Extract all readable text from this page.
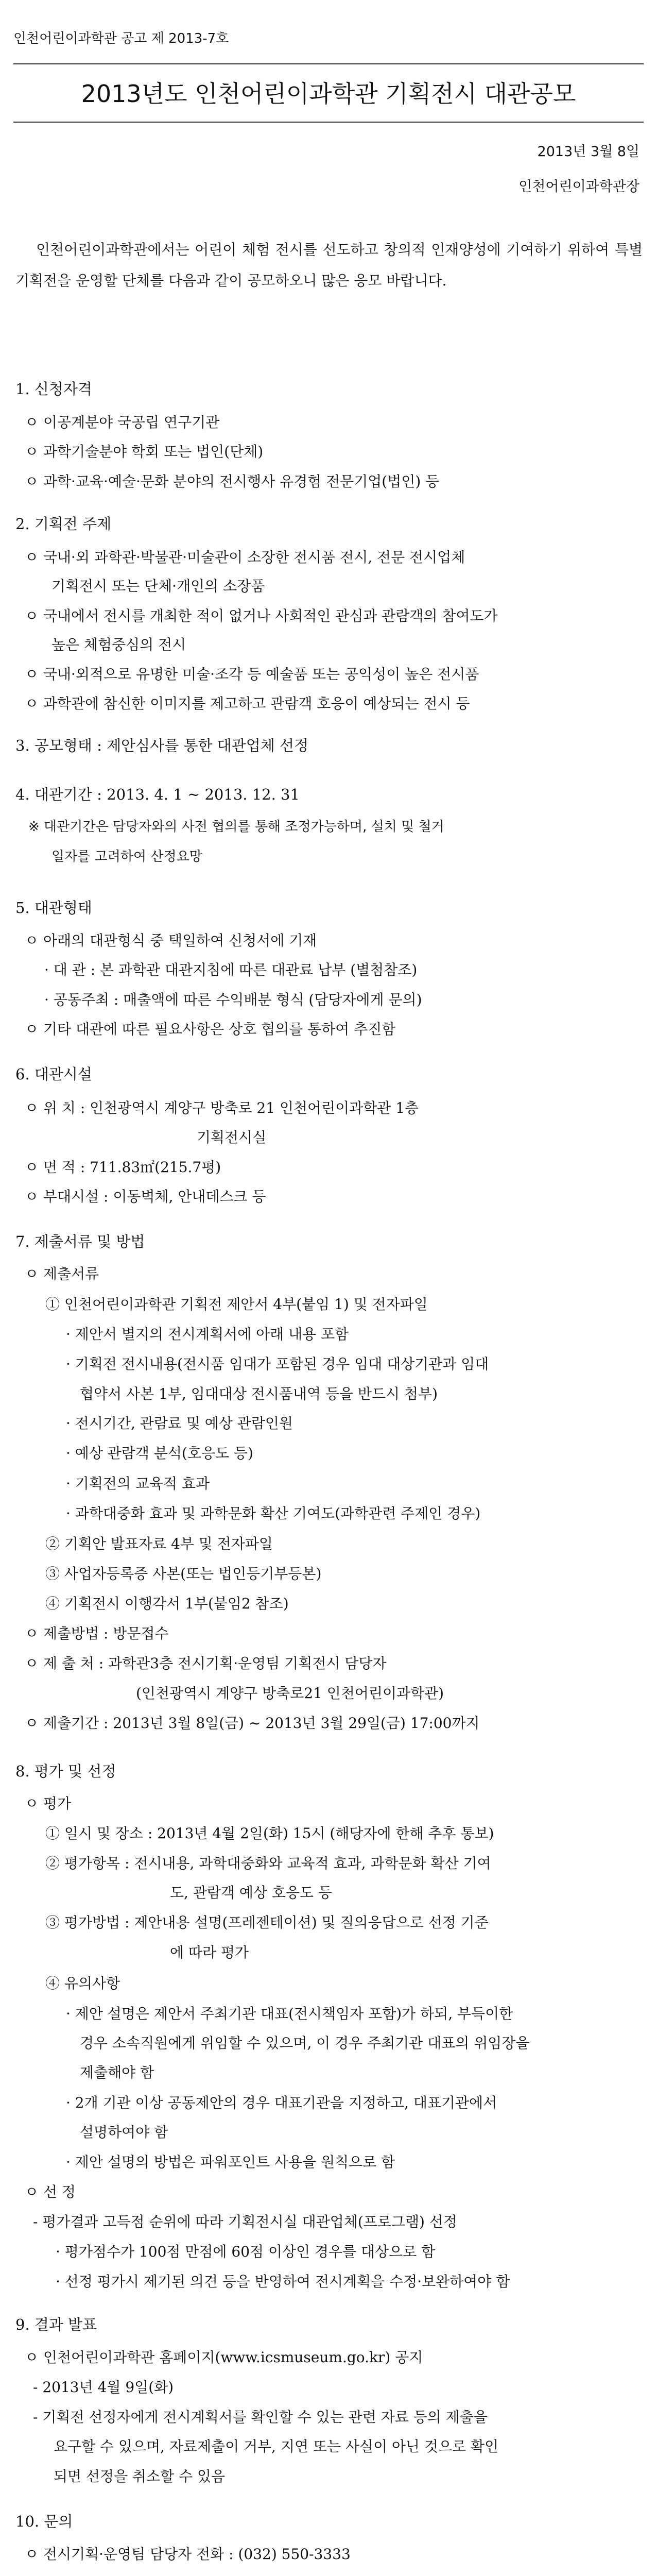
인천어린이과학관 공고 제 2013-7호
2013년도 인천어린이과학관 기획전시 대관공모
2013년 3월 8일
인천어린이과학관장
인천어린이과학관에서는 어린이 체험 전시를 선도하고 창의적 인재양성에 기여하기 위하여 특별기획전을 운영할 단체를 다음과 같이 공모하오니 많은 응모 바랍니다.
1. 신청자격
ㅇ 이공계분야 국공립 연구기관
ㅇ 과학기술분야 학회 또는 법인(단체)
ㅇ 과학·교육·예술·문화 분야의 전시행사 유경험 전문기업(법인) 등
2. 기획전 주제
ㅇ 국내·외 과학관·박물관·미술관이 소장한 전시품 전시, 전문 전시업체
기획전시 또는 단체·개인의 소장품
ㅇ 국내에서 전시를 개최한 적이 없거나 사회적인 관심과 관람객의 참여도가
높은 체험중심의 전시
ㅇ 국내·외적으로 유명한 미술·조각 등 예술품 또는 공익성이 높은 전시품
ㅇ 과학관에 참신한 이미지를 제고하고 관람객 호응이 예상되는 전시 등
3. 공모형태 : 제안심사를 통한 대관업체 선정
4. 대관기간 : 2013. 4. 1 ~ 2013. 12. 31
※ 대관기간은 담당자와의 사전 협의를 통해 조정가능하며, 설치 및 철거
일자를 고려하여 산정요망
5. 대관형태
ㅇ 아래의 대관형식 중 택일하여 신청서에 기재
· 대 관 : 본 과학관 대관지침에 따른 대관료 납부 (별첨참조)
· 공동주최 : 매출액에 따른 수익배분 형식 (담당자에게 문의)
ㅇ 기타 대관에 따른 필요사항은 상호 협의를 통하여 추진함
6. 대관시설
ㅇ 위 치 : 인천광역시 계양구 방축로 21 인천어린이과학관 1층
기획전시실
ㅇ 면 적 : 711.83㎡(215.7평)
ㅇ 부대시설 : 이동벽체, 안내데스크 등
7. 제출서류 및 방법
ㅇ 제출서류
① 인천어린이과학관 기획전 제안서 4부(붙임 1) 및 전자파일
· 제안서 별지의 전시계획서에 아래 내용 포함
· 기획전 전시내용(전시품 임대가 포함된 경우 임대 대상기관과 임대
협약서 사본 1부, 임대대상 전시품내역 등을 반드시 첨부)
· 전시기간, 관람료 및 예상 관람인원
· 예상 관람객 분석(호응도 등)
· 기획전의 교육적 효과
· 과학대중화 효과 및 과학문화 확산 기여도(과학관련 주제인 경우)
② 기획안 발표자료 4부 및 전자파일
③ 사업자등록증 사본(또는 법인등기부등본)
④ 기획전시 이행각서 1부(붙임2 참조)
ㅇ 제출방법 : 방문접수
ㅇ 제 출 처 : 과학관3층 전시기획·운영팀 기획전시 담당자
(인천광역시 계양구 방축로21 인천어린이과학관)
ㅇ 제출기간 : 2013년 3월 8일(금) ~ 2013년 3월 29일(금) 17:00까지
8. 평가 및 선정
ㅇ 평가
① 일시 및 장소 : 2013년 4월 2일(화) 15시 (해당자에 한해 추후 통보)
② 평가항목 : 전시내용, 과학대중화와 교육적 효과, 과학문화 확산 기여
도, 관람객 예상 호응도 등
③ 평가방법 : 제안내용 설명(프레젠테이션) 및 질의응답으로 선정 기준
에 따라 평가
④ 유의사항
· 제안 설명은 제안서 주최기관 대표(전시책임자 포함)가 하되, 부득이한
경우 소속직원에게 위임할 수 있으며, 이 경우 주최기관 대표의 위임장을
제출해야 함
· 2개 기관 이상 공동제안의 경우 대표기관을 지정하고, 대표기관에서
설명하여야 함
· 제안 설명의 방법은 파워포인트 사용을 원칙으로 함
ㅇ 선 정
- 평가결과 고득점 순위에 따라 기획전시실 대관업체(프로그램) 선정
· 평가점수가 100점 만점에 60점 이상인 경우를 대상으로 함
· 선정 평가시 제기된 의견 등을 반영하여 전시계획을 수정·보완하여야 함
9. 결과 발표
ㅇ 인천어린이과학관 홈페이지(www.icsmuseum.go.kr) 공지
- 2013년 4월 9일(화)
- 기획전 선정자에게 전시계획서를 확인할 수 있는 관련 자료 등의 제출을
요구할 수 있으며, 자료제출이 거부, 지연 또는 사실이 아닌 것으로 확인
되면 선정을 취소할 수 있음
10. 문의
ㅇ 전시기획·운영팀 담당자 전화 : (032) 550-3333
